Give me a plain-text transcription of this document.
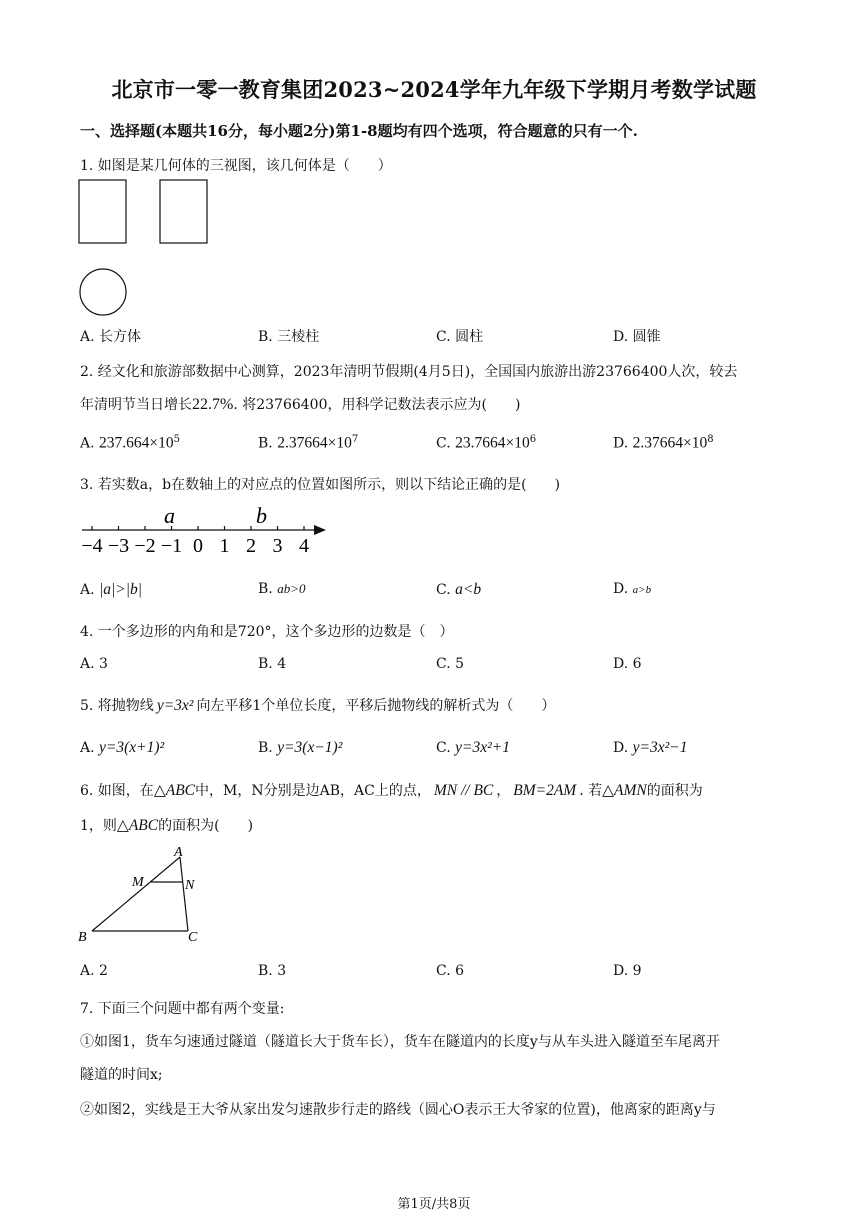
北京市一零一教育集团2023~2024学年九年级下学期月考数学试题
一、选择题(本题共16分，每小题2分)第1-8题均有四个选项，符合题意的只有一个.
1. 如图是某几何体的三视图，该几何体是（　　）
A. 长方体	B. 三棱柱	C. 圆柱	D. 圆锥
2. 经文化和旅游部数据中心测算，2023年清明节假期(4月5日)，全国国内旅游出游23766400人次，较去
年清明节当日增长22.7%. 将23766400，用科学记数法表示应为(　　)
A. $237.664\times 10^5$	B. $2.37664\times 10^7$	C. $23.7664\times 10^6$	D. $2.37664\times 10^8$
3. 若实数a，b在数轴上的对应点的位置如图所示，则以下结论正确的是(　　)
−4 −3 −2 −1 0 1 2 3 4
a	b
A. |a|>|b|	B. ab>0	C. a<b	D. a>b
4. 一个多边形的内角和是720°，这个多边形的边数是（　）
A. 3	B. 4	C. 5	D. 6
5. 将抛物线 y=3x² 向左平移1个单位长度，平移后抛物线的解析式为（　　）
A. y=3(x+1)²	B. y=3(x−1)²	C. y=3x²+1	D. y=3x²−1
6. 如图，在△ABC中，M，N分别是边AB，AC上的点， MN // BC ， BM=2AM . 若△AMN的面积为
1，则△ABC的面积为(　　)
A
M	N
B	C
A. 2	B. 3	C. 6	D. 9
7. 下面三个问题中都有两个变量:
①如图1，货车匀速通过隧道（隧道长大于货车长），货车在隧道内的长度y与从车头进入隧道至车尾离开
隧道的时间x;
②如图2，实线是王大爷从家出发匀速散步行走的路线（圆心O表示王大爷家的位置)，他离家的距离y与
第1页/共8页
